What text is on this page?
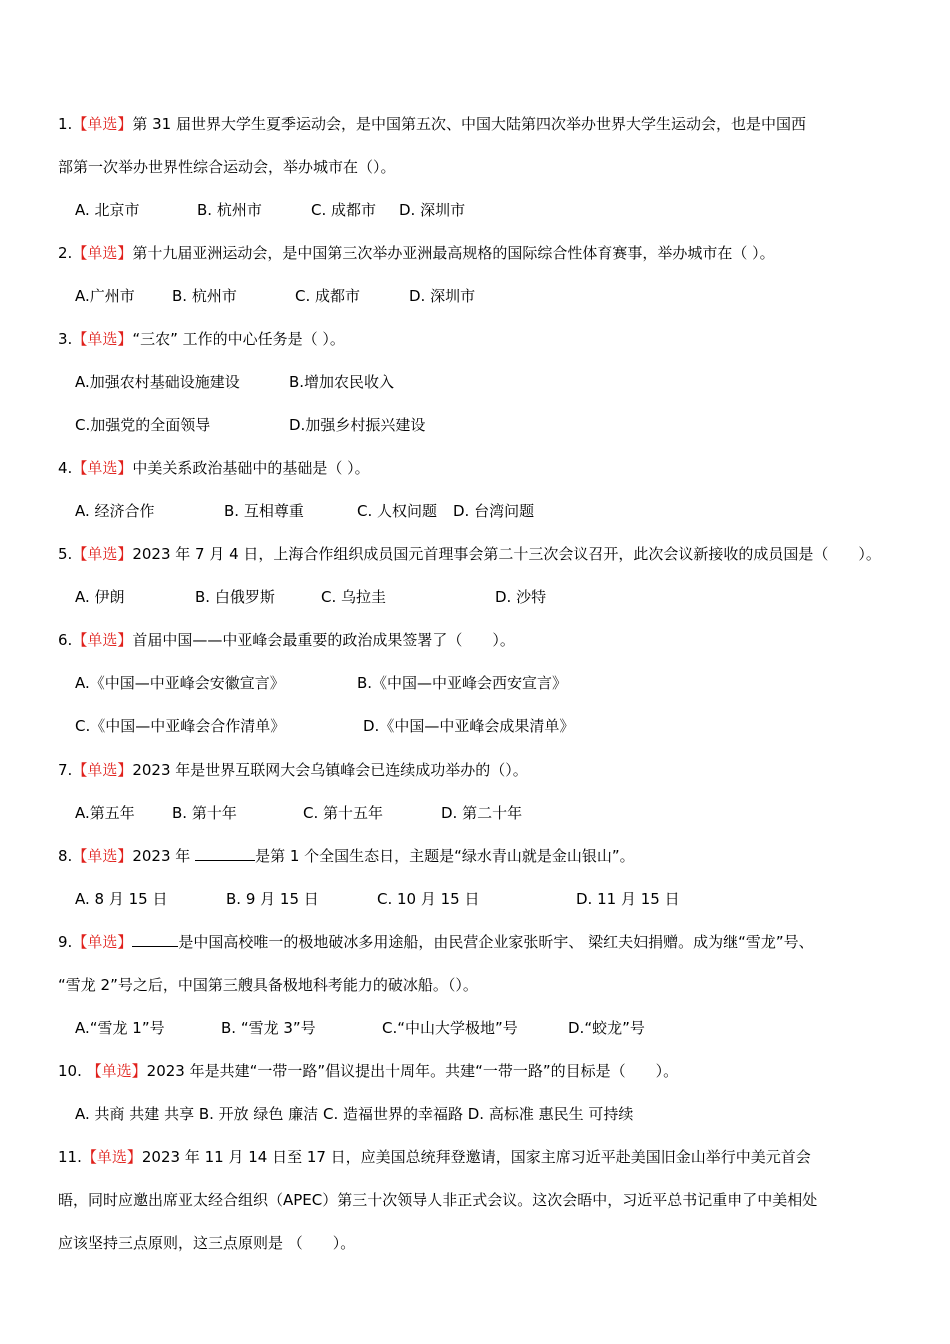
1.【单选】第 31 届世界大学生夏季运动会，是中国第五次、中国大陆第四次举办世界大学生运动会，也是中国西
部第一次举办世界性综合运动会，举办城市在（）。
A. 北京市	B. 杭州市	C. 成都市 D. 深圳市
2.【单选】第十九届亚洲运动会，是中国第三次举办亚洲最高规格的国际综合性体育赛事，举办城市在（ ）。
A.广州市 B. 杭州市	C. 成都市	D. 深圳市
3.【单选】“三农” 工作的中心任务是（ ）。
A.加强农村基础设施建设	B.增加农民收入
C.加强党的全面领导	D.加强乡村振兴建设
4.【单选】中美关系政治基础中的基础是（ ）。
A. 经济合作	B. 互相尊重	C. 人权问题 D. 台湾问题
5.【单选】2023 年 7 月 4 日，上海合作组织成员国元首理事会第二十三次会议召开，此次会议新接收的成员国是（　　）。
A. 伊朗	B. 白俄罗斯	C. 乌拉圭	D. 沙特
6.【单选】首届中国——中亚峰会最重要的政治成果签署了（　　）。
A.《中国—中亚峰会安徽宣言》	B.《中国—中亚峰会西安宣言》
C.《中国—中亚峰会合作清单》	D.《中国—中亚峰会成果清单》
7.【单选】2023 年是世界互联网大会乌镇峰会已连续成功举办的（）。
A.第五年 B. 第十年	C. 第十五年	D. 第二十年
8.【单选】2023 年	是第 1 个全国生态日，主题是“绿水青山就是金山银山”。
A. 8 月 15 日	B. 9 月 15 日	C. 10 月 15 日	D. 11 月 15 日
9.【单选】	是中国高校唯一的极地破冰多用途船，由民营企业家张昕宇、 梁红夫妇捐赠。成为继“雪龙”号、
“雪龙 2”号之后，中国第三艘具备极地科考能力的破冰船。（）。
A.“雪龙 1”号	B. “雪龙 3”号	C.“中山大学极地”号	D.“蛟龙”号
10. 【单选】2023 年是共建“一带一路”倡议提出十周年。共建“一带一路”的目标是（　　）。
A. 共商 共建 共享 B. 开放 绿色 廉洁 C. 造福世界的幸福路 D. 高标准 惠民生 可持续
11.【单选】2023 年 11 月 14 日至 17 日，应美国总统拜登邀请，国家主席习近平赴美国旧金山举行中美元首会
晤，同时应邀出席亚太经合组织（APEC）第三十次领导人非正式会议。这次会晤中，习近平总书记重申了中美相处
应该坚持三点原则，这三点原则是 （　　）。
